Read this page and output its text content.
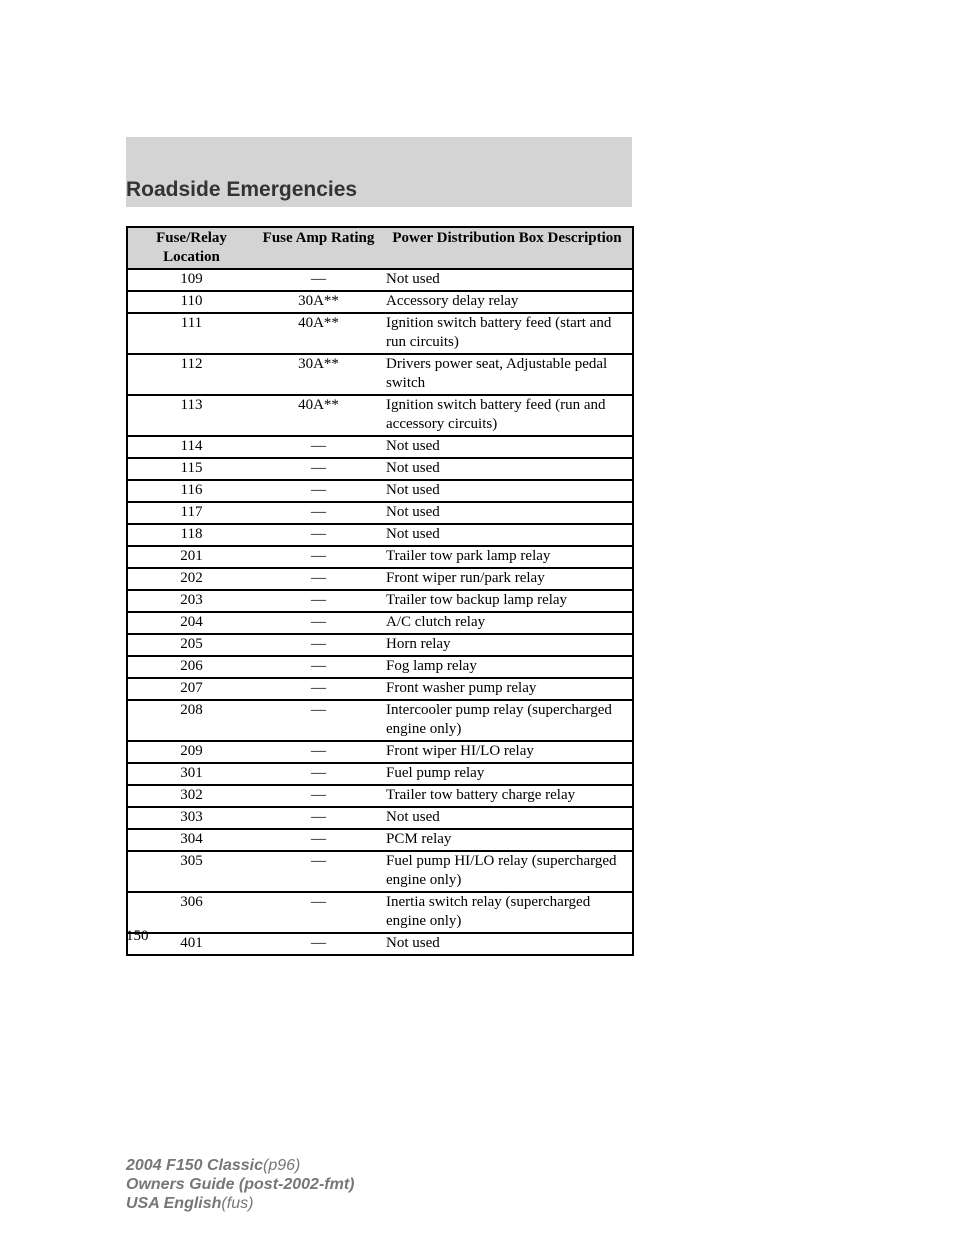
Roadside Emergencies
Fuse/Relay Location	Fuse Amp Rating	Power Distribution Box Description
109	—	Not used
110	30A**	Accessory delay relay
111	40A**	Ignition switch battery feed (start and run circuits)
112	30A**	Drivers power seat, Adjustable pedal switch
113	40A**	Ignition switch battery feed (run and accessory circuits)
114	—	Not used
115	—	Not used
116	—	Not used
117	—	Not used
118	—	Not used
201	—	Trailer tow park lamp relay
202	—	Front wiper run/park relay
203	—	Trailer tow backup lamp relay
204	—	A/C clutch relay
205	—	Horn relay
206	—	Fog lamp relay
207	—	Front washer pump relay
208	—	Intercooler pump relay (supercharged engine only)
209	—	Front wiper HI/LO relay
301	—	Fuel pump relay
302	—	Trailer tow battery charge relay
303	—	Not used
304	—	PCM relay
305	—	Fuel pump HI/LO relay (supercharged engine only)
306	—	Inertia switch relay (supercharged engine only)
401	—	Not used
150
2004 F150 Classic(p96)
Owners Guide (post-2002-fmt)
USA English(fus)
